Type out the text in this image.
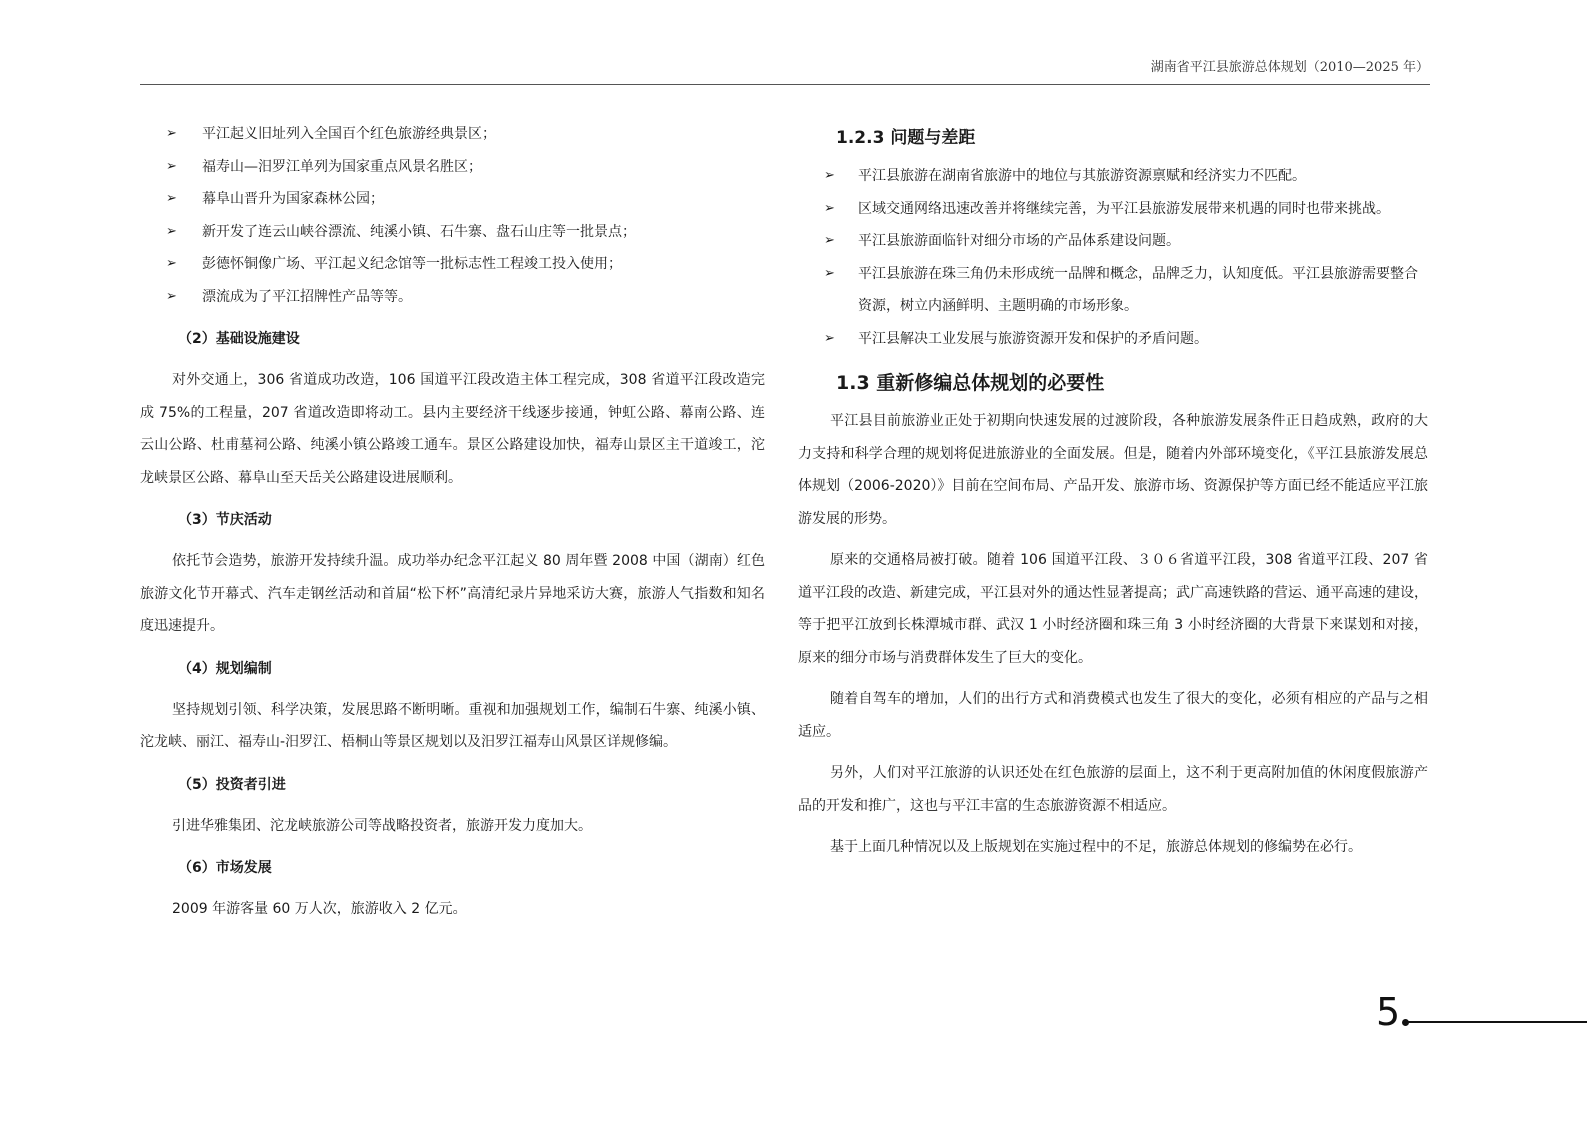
湖南省平江县旅游总体规划（2010—2025 年）
➢ 平江起义旧址列入全国百个红色旅游经典景区；
➢ 福寿山—汨罗江单列为国家重点风景名胜区；
➢ 幕阜山晋升为国家森林公园；
➢ 新开发了连云山峡谷漂流、纯溪小镇、石牛寨、盘石山庄等一批景点；
➢ 彭德怀铜像广场、平江起义纪念馆等一批标志性工程竣工投入使用；
➢ 漂流成为了平江招牌性产品等等。
（2）基础设施建设

对外交通上，306 省道成功改造，106 国道平江段改造主体工程完成，308 省道平江段改造完成 75%的工程量，207 省道改造即将动工。县内主要经济干线逐步接通，钟虹公路、幕南公路、连云山公路、杜甫墓祠公路、纯溪小镇公路竣工通车。景区公路建设加快，福寿山景区主干道竣工，沱龙峡景区公路、幕阜山至天岳关公路建设进展顺利。

（3）节庆活动

依托节会造势，旅游开发持续升温。成功举办纪念平江起义 80 周年暨 2008 中国（湖南）红色旅游文化节开幕式、汽车走钢丝活动和首届“松下杯”高清纪录片异地采访大赛，旅游人气指数和知名度迅速提升。

（4）规划编制

坚持规划引领、科学决策，发展思路不断明晰。重视和加强规划工作，编制石牛寨、纯溪小镇、沱龙峡、丽江、福寿山-汨罗江、梧桐山等景区规划以及汨罗江福寿山风景区详规修编。

（5）投资者引进

引进华雅集团、沱龙峡旅游公司等战略投资者，旅游开发力度加大。

（6）市场发展

2009 年游客量 60 万人次，旅游收入 2 亿元。

1.2.3 问题与差距
➢ 平江县旅游在湖南省旅游中的地位与其旅游资源禀赋和经济实力不匹配。
➢ 区域交通网络迅速改善并将继续完善，为平江县旅游发展带来机遇的同时也带来挑战。
➢ 平江县旅游面临针对细分市场的产品体系建设问题。
➢ 平江县旅游在珠三角仍未形成统一品牌和概念，品牌乏力，认知度低。平江县旅游需要整合资源，树立内涵鲜明、主题明确的市场形象。
➢ 平江县解决工业发展与旅游资源开发和保护的矛盾问题。
1.3 重新修编总体规划的必要性

平江县目前旅游业正处于初期向快速发展的过渡阶段，各种旅游发展条件正日趋成熟，政府的大力支持和科学合理的规划将促进旅游业的全面发展。但是，随着内外部环境变化，《平江县旅游发展总体规划（2006-2020）》目前在空间布局、产品开发、旅游市场、资源保护等方面已经不能适应平江旅游发展的形势。

原来的交通格局被打破。随着 106 国道平江段、３０６省道平江段，308 省道平江段、207 省道平江段的改造、新建完成，平江县对外的通达性显著提高；武广高速铁路的营运、通平高速的建设，等于把平江放到长株潭城市群、武汉 1 小时经济圈和珠三角 3 小时经济圈的大背景下来谋划和对接，原来的细分市场与消费群体发生了巨大的变化。

随着自驾车的增加，人们的出行方式和消费模式也发生了很大的变化，必须有相应的产品与之相适应。

另外，人们对平江旅游的认识还处在红色旅游的层面上，这不利于更高附加值的休闲度假旅游产品的开发和推广，这也与平江丰富的生态旅游资源不相适应。

基于上面几种情况以及上版规划在实施过程中的不足，旅游总体规划的修编势在必行。

5
